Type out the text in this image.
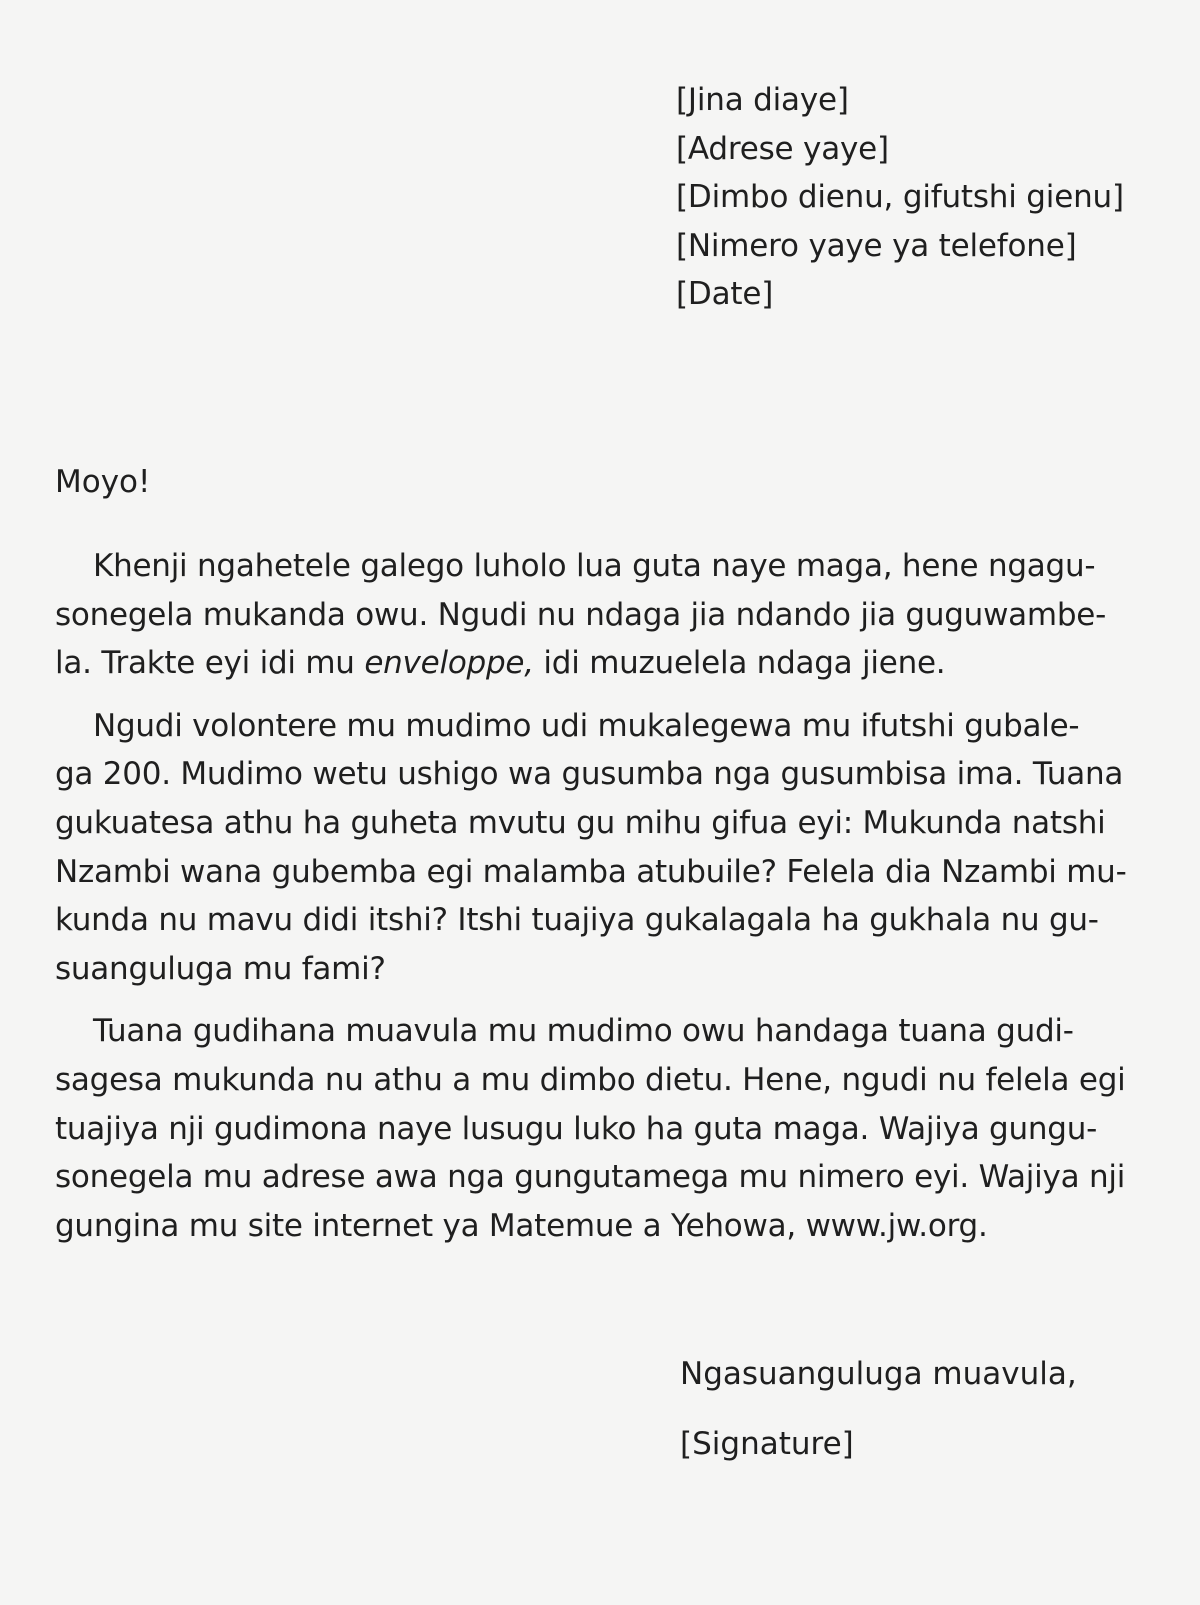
[Jina diaye]
[Adrese yaye]
[Dimbo dienu, gifutshi gienu]
[Nimero yaye ya telefone]
[Date]
Moyo!

Khenji ngahetele galego luholo lua guta naye maga, hene ngagu-
sonegela mukanda owu. Ngudi nu ndaga jia ndando jia guguwambe-
la. Trakte eyi idi mu enveloppe, idi muzuelela ndaga jiene.

Ngudi volontere mu mudimo udi mukalegewa mu ifutshi gubale-
ga 200. Mudimo wetu ushigo wa gusumba nga gusumbisa ima. Tuana
gukuatesa athu ha guheta mvutu gu mihu gifua eyi: Mukunda natshi
Nzambi wana gubemba egi malamba atubuile? Felela dia Nzambi mu-
kunda nu mavu didi itshi? Itshi tuajiya gukalagala ha gukhala nu gu-
suanguluga mu fami?

Tuana gudihana muavula mu mudimo owu handaga tuana gudi-
sagesa mukunda nu athu a mu dimbo dietu. Hene, ngudi nu felela egi
tuajiya nji gudimona naye lusugu luko ha guta maga. Wajiya gungu-
sonegela mu adrese awa nga gungutamega mu nimero eyi. Wajiya nji
gungina mu site internet ya Matemue a Yehowa, www.jw.org.

Ngasuanguluga muavula,
[Signature]
